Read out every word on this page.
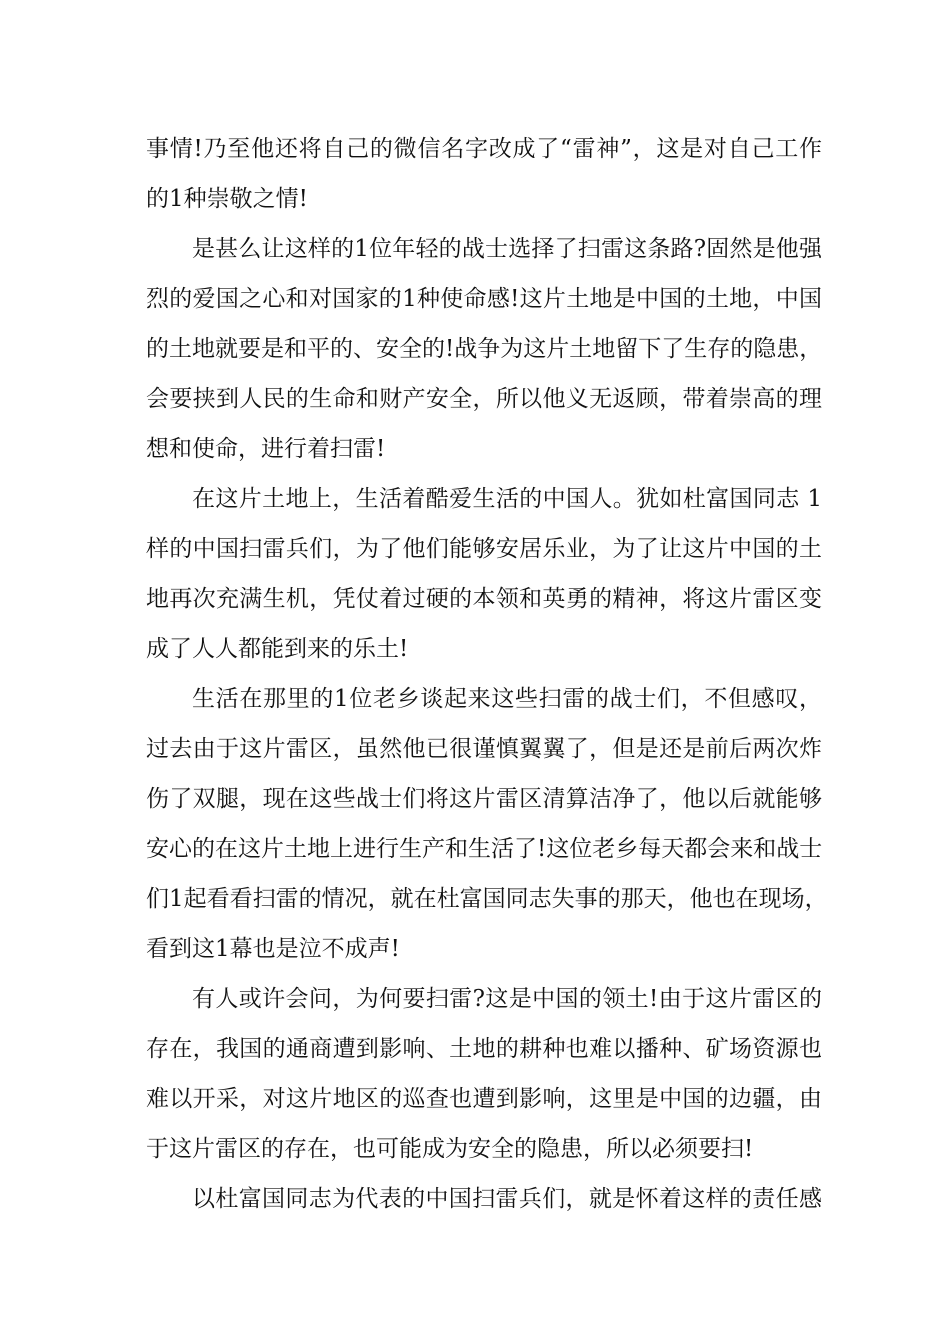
事情!乃至他还将自己的微信名字改成了“雷神”，这是对自己工作
的1种崇敬之情!
是甚么让这样的1位年轻的战士选择了扫雷这条路?固然是他强
烈的爱国之心和对国家的1种使命感!这片土地是中国的土地，中国
的土地就要是和平的、安全的!战争为这片土地留下了生存的隐患，
会要挟到人民的生命和财产安全，所以他义无返顾，带着崇高的理
想和使命，进行着扫雷!
在这片土地上，生活着酷爱生活的中国人。犹如杜富国同志 1
样的中国扫雷兵们，为了他们能够安居乐业，为了让这片中国的土
地再次充满生机，凭仗着过硬的本领和英勇的精神，将这片雷区变
成了人人都能到来的乐土!
生活在那里的1位老乡谈起来这些扫雷的战士们，不但感叹，
过去由于这片雷区，虽然他已很谨慎翼翼了，但是还是前后两次炸
伤了双腿，现在这些战士们将这片雷区清算洁净了，他以后就能够
安心的在这片土地上进行生产和生活了!这位老乡每天都会来和战士
们1起看看扫雷的情况，就在杜富国同志失事的那天，他也在现场，
看到这1幕也是泣不成声!
有人或许会问，为何要扫雷?这是中国的领土!由于这片雷区的
存在，我国的通商遭到影响、土地的耕种也难以播种、矿场资源也
难以开采，对这片地区的巡查也遭到影响，这里是中国的边疆，由
于这片雷区的存在，也可能成为安全的隐患，所以必须要扫!
以杜富国同志为代表的中国扫雷兵们，就是怀着这样的责任感
